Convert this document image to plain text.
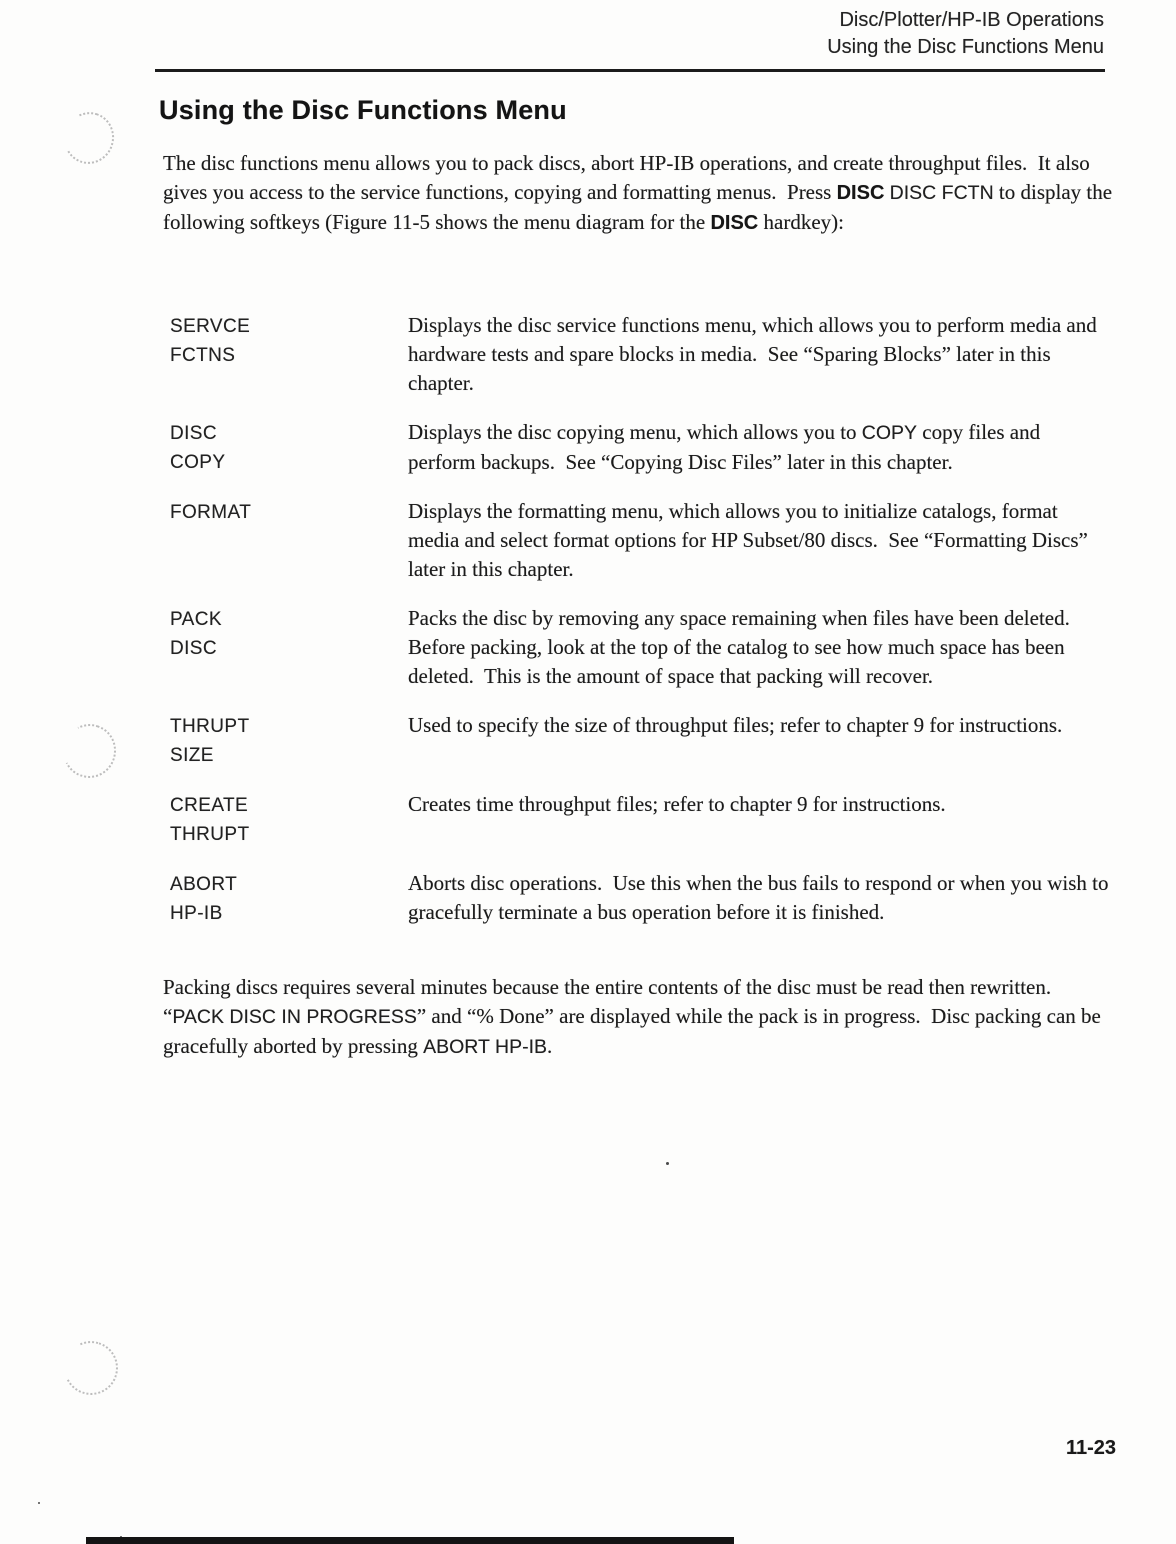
Disc/Plotter/HP-IB Operations
Using the Disc Functions Menu
Using the Disc Functions Menu
The disc functions menu allows you to pack discs, abort HP-IB operations, and create throughput files.  It also gives you access to the service functions, copying and formatting menus.  Press DISC DISC FCTN to display the following softkeys (Figure 11-5 shows the menu diagram for the DISC hardkey):
SERVCE
FCTNS
Displays the disc service functions menu, which allows you to perform media and hardware tests and spare blocks in media.  See “Sparing Blocks” later in this chapter.
DISC
COPY
Displays the disc copying menu, which allows you to COPY copy files and perform backups.  See “Copying Disc Files” later in this chapter.
FORMAT	Displays the formatting menu, which allows you to initialize catalogs, format media and select format options for HP Subset/80 discs.  See “Formatting Discs” later in this chapter.
PACK
DISC
Packs the disc by removing any space remaining when files have been deleted.  Before packing, look at the top of the catalog to see how much space has been deleted.  This is the amount of space that packing will recover.
THRUPT
SIZE
Used to specify the size of throughput files; refer to chapter 9 for instructions.
CREATE
THRUPT
Creates time throughput files; refer to chapter 9 for instructions.
ABORT
HP-IB
Aborts disc operations.  Use this when the bus fails to respond or when you wish to gracefully terminate a bus operation before it is finished.
Packing discs requires several minutes because the entire contents of the disc must be read then rewritten.  “PACK DISC IN PROGRESS” and “% Done” are displayed while the pack is in progress.  Disc packing can be gracefully aborted by pressing ABORT HP-IB.
11-23
